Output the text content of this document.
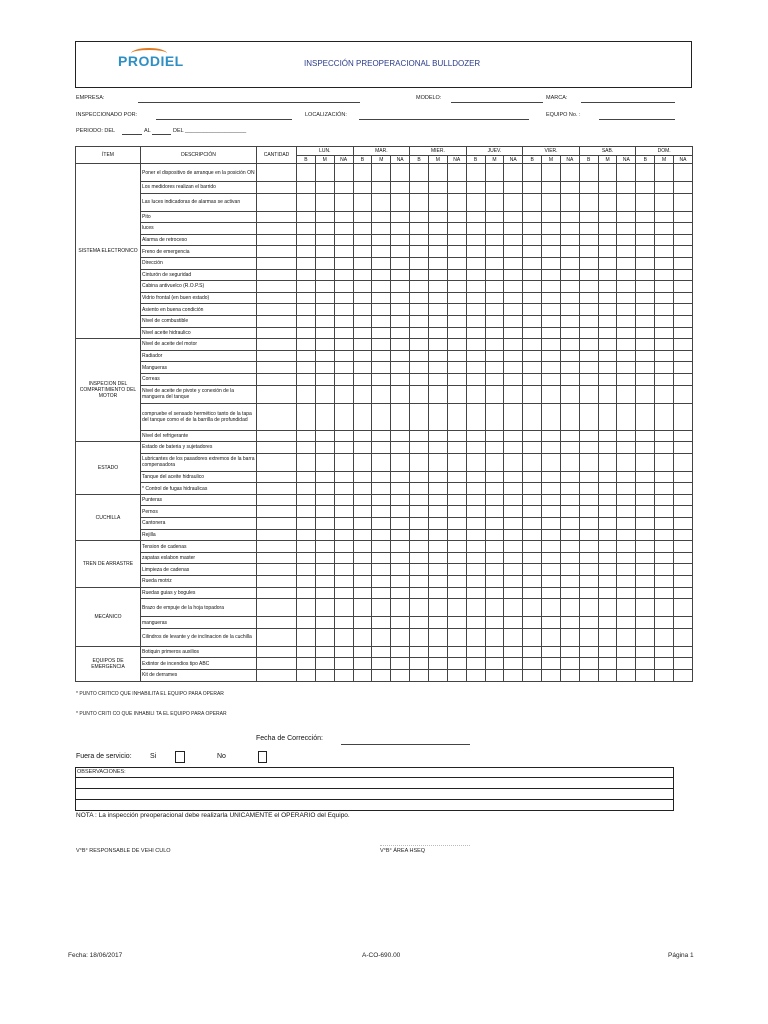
PRODIEL	INSPECCIÓN PREOPERACIONAL BULLDOZER
EMPRESA:	MODELO:	MARCA:
INSPECCIONADO POR:	LOCALIZACIÓN:	EQUIPO No. :
PERIODO: DEL	AL	DEL ____________________
ÍTEM	DESCRIPCIÓN	CANTIDAD	LUN.			MAR.			MIER.			JUEV.			VIER.			SAB.			DOM.		
			B	M	NA	B	M	NA	B	M	NA	B	M	NA	B	M	NA	B	M	NA	B	M	NA
SISTEMA ELECTRONICO	Poner el dispositivo de arranque en la posición ON																						
	Los medidores realizan el barrido																						
	Las luces indicadoras de alarmas se activan																						
	Pito																						
	luces																						
	Alarma de retroceso																						
	Freno de emergencia																						
	Dirección																						
	Cinturón de seguridad																						
	Cabina antivuelco (R.O.P.S)																						
	Vidrio frontal (en buen estado)																						
	Asiento en buena condición																						
	Nivel de combustible																						
	Nivel aceite hidraulico																						
INSPECION DEL COMPARTIMIENTO DEL MOTOR	Nivel de aceite del motor																						
	Radiador																						
	Mangueras																						
	Correas																						
	Nivel de aceite de pivote y conexión de la manguera del tanque																						
	compruebe el sensado hermético tanto de la tapa del tanque como el de la barrilla de profundidad																						
	Nivel del refrigerante																						
ESTADO	Estado de bateria y sujetadores																						
	Lubricantes de los pasadores extremos de la barra compensadora																						
	Tanque del aceite hidraulico																						
	* Control de fugas hidraulicas																						
CUCHILLA	Punteras																						
	Pernos																						
	Cantonera																						
	Rejilla																						
TREN DE ARRASTRE	Tension de cadenas																						
	zapatas eslabon master																						
	Limpieza de cadenas																						
	Rueda motriz																						
MECÁNICO	Ruedas guias y bogules																						
	Brazo de empuje de la hoja topadora																						
	mangueras																						
	Cilindros de levante y de inclinacion de la cuchilla																						
EQUIPOS DE EMERGENCIA	Botiquin primeros auxilios																						
	Extintor de incendios tipo ABC																						
	Kit de derrames																						
* PUNTO CRITICO QUE INHABILITA EL EQUIPO PARA OPERAR
* PUNTO CRITI CO QUE INHABILI TA EL EQUIPO PARA OPERAR
Fecha de Corrección:
Fuera de servicio:	Si	No
OBSERVACIONES:
NOTA : La inspección preoperacional debe realizarla UNICAMENTE el OPERARIO del Equipo.
V°B° RESPONSABLE DE VEHI CULO	V°B° ÁREA HSEQ
Fecha: 18/06/2017	A-CO-690.00	Página 1
